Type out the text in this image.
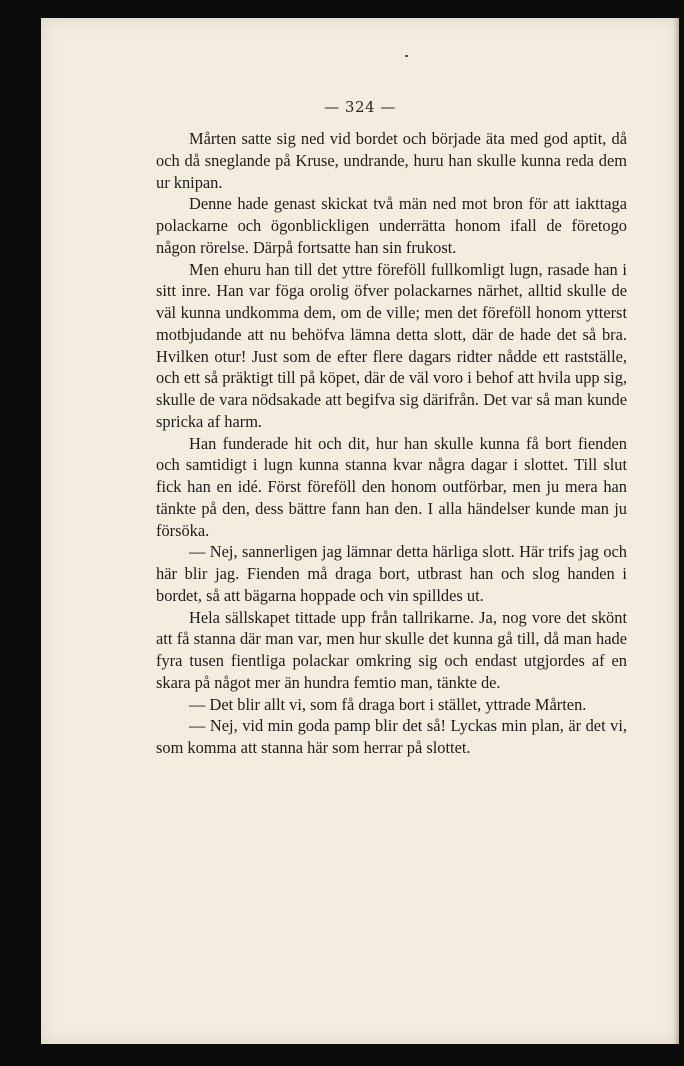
— 324 —

Mårten satte sig ned vid bordet och började äta med god aptit, då och då sneglande på Kruse, undrande, huru han skulle kunna reda dem ur knipan.

Denne hade genast skickat två män ned mot bron för att iakttaga polackarne och ögonblickligen underrätta honom ifall de företogo någon rörelse. Därpå fortsatte han sin frukost.

Men ehuru han till det yttre föreföll fullkomligt lugn, rasade han i sitt inre. Han var föga orolig öfver polackarnes närhet, alltid skulle de väl kunna undkomma dem, om de ville; men det föreföll honom ytterst motbjudande att nu behöfva lämna detta slott, där de hade det så bra. Hvilken otur! Just som de efter flere dagars ridter nådde ett rastställe, och ett så präktigt till på köpet, där de väl voro i behof att hvila upp sig, skulle de vara nödsakade att begifva sig därifrån. Det var så man kunde spricka af harm.

Han funderade hit och dit, hur han skulle kunna få bort fienden och samtidigt i lugn kunna stanna kvar några dagar i slottet. Till slut fick han en idé. Först föreföll den honom outförbar, men ju mera han tänkte på den, dess bättre fann han den. I alla händelser kunde man ju försöka.

— Nej, sannerligen jag lämnar detta härliga slott. Här trifs jag och här blir jag. Fienden må draga bort, utbrast han och slog handen i bordet, så att bägarna hoppade och vin spilldes ut.

Hela sällskapet tittade upp från tallrikarne. Ja, nog vore det skönt att få stanna där man var, men hur skulle det kunna gå till, då man hade fyra tusen fientliga polackar omkring sig och endast utgjordes af en skara på något mer än hundra femtio man, tänkte de.

— Det blir allt vi, som få draga bort i stället, yttrade Mårten.

— Nej, vid min goda pamp blir det så! Lyckas min plan, är det vi, som komma att stanna här som herrar på slottet.
